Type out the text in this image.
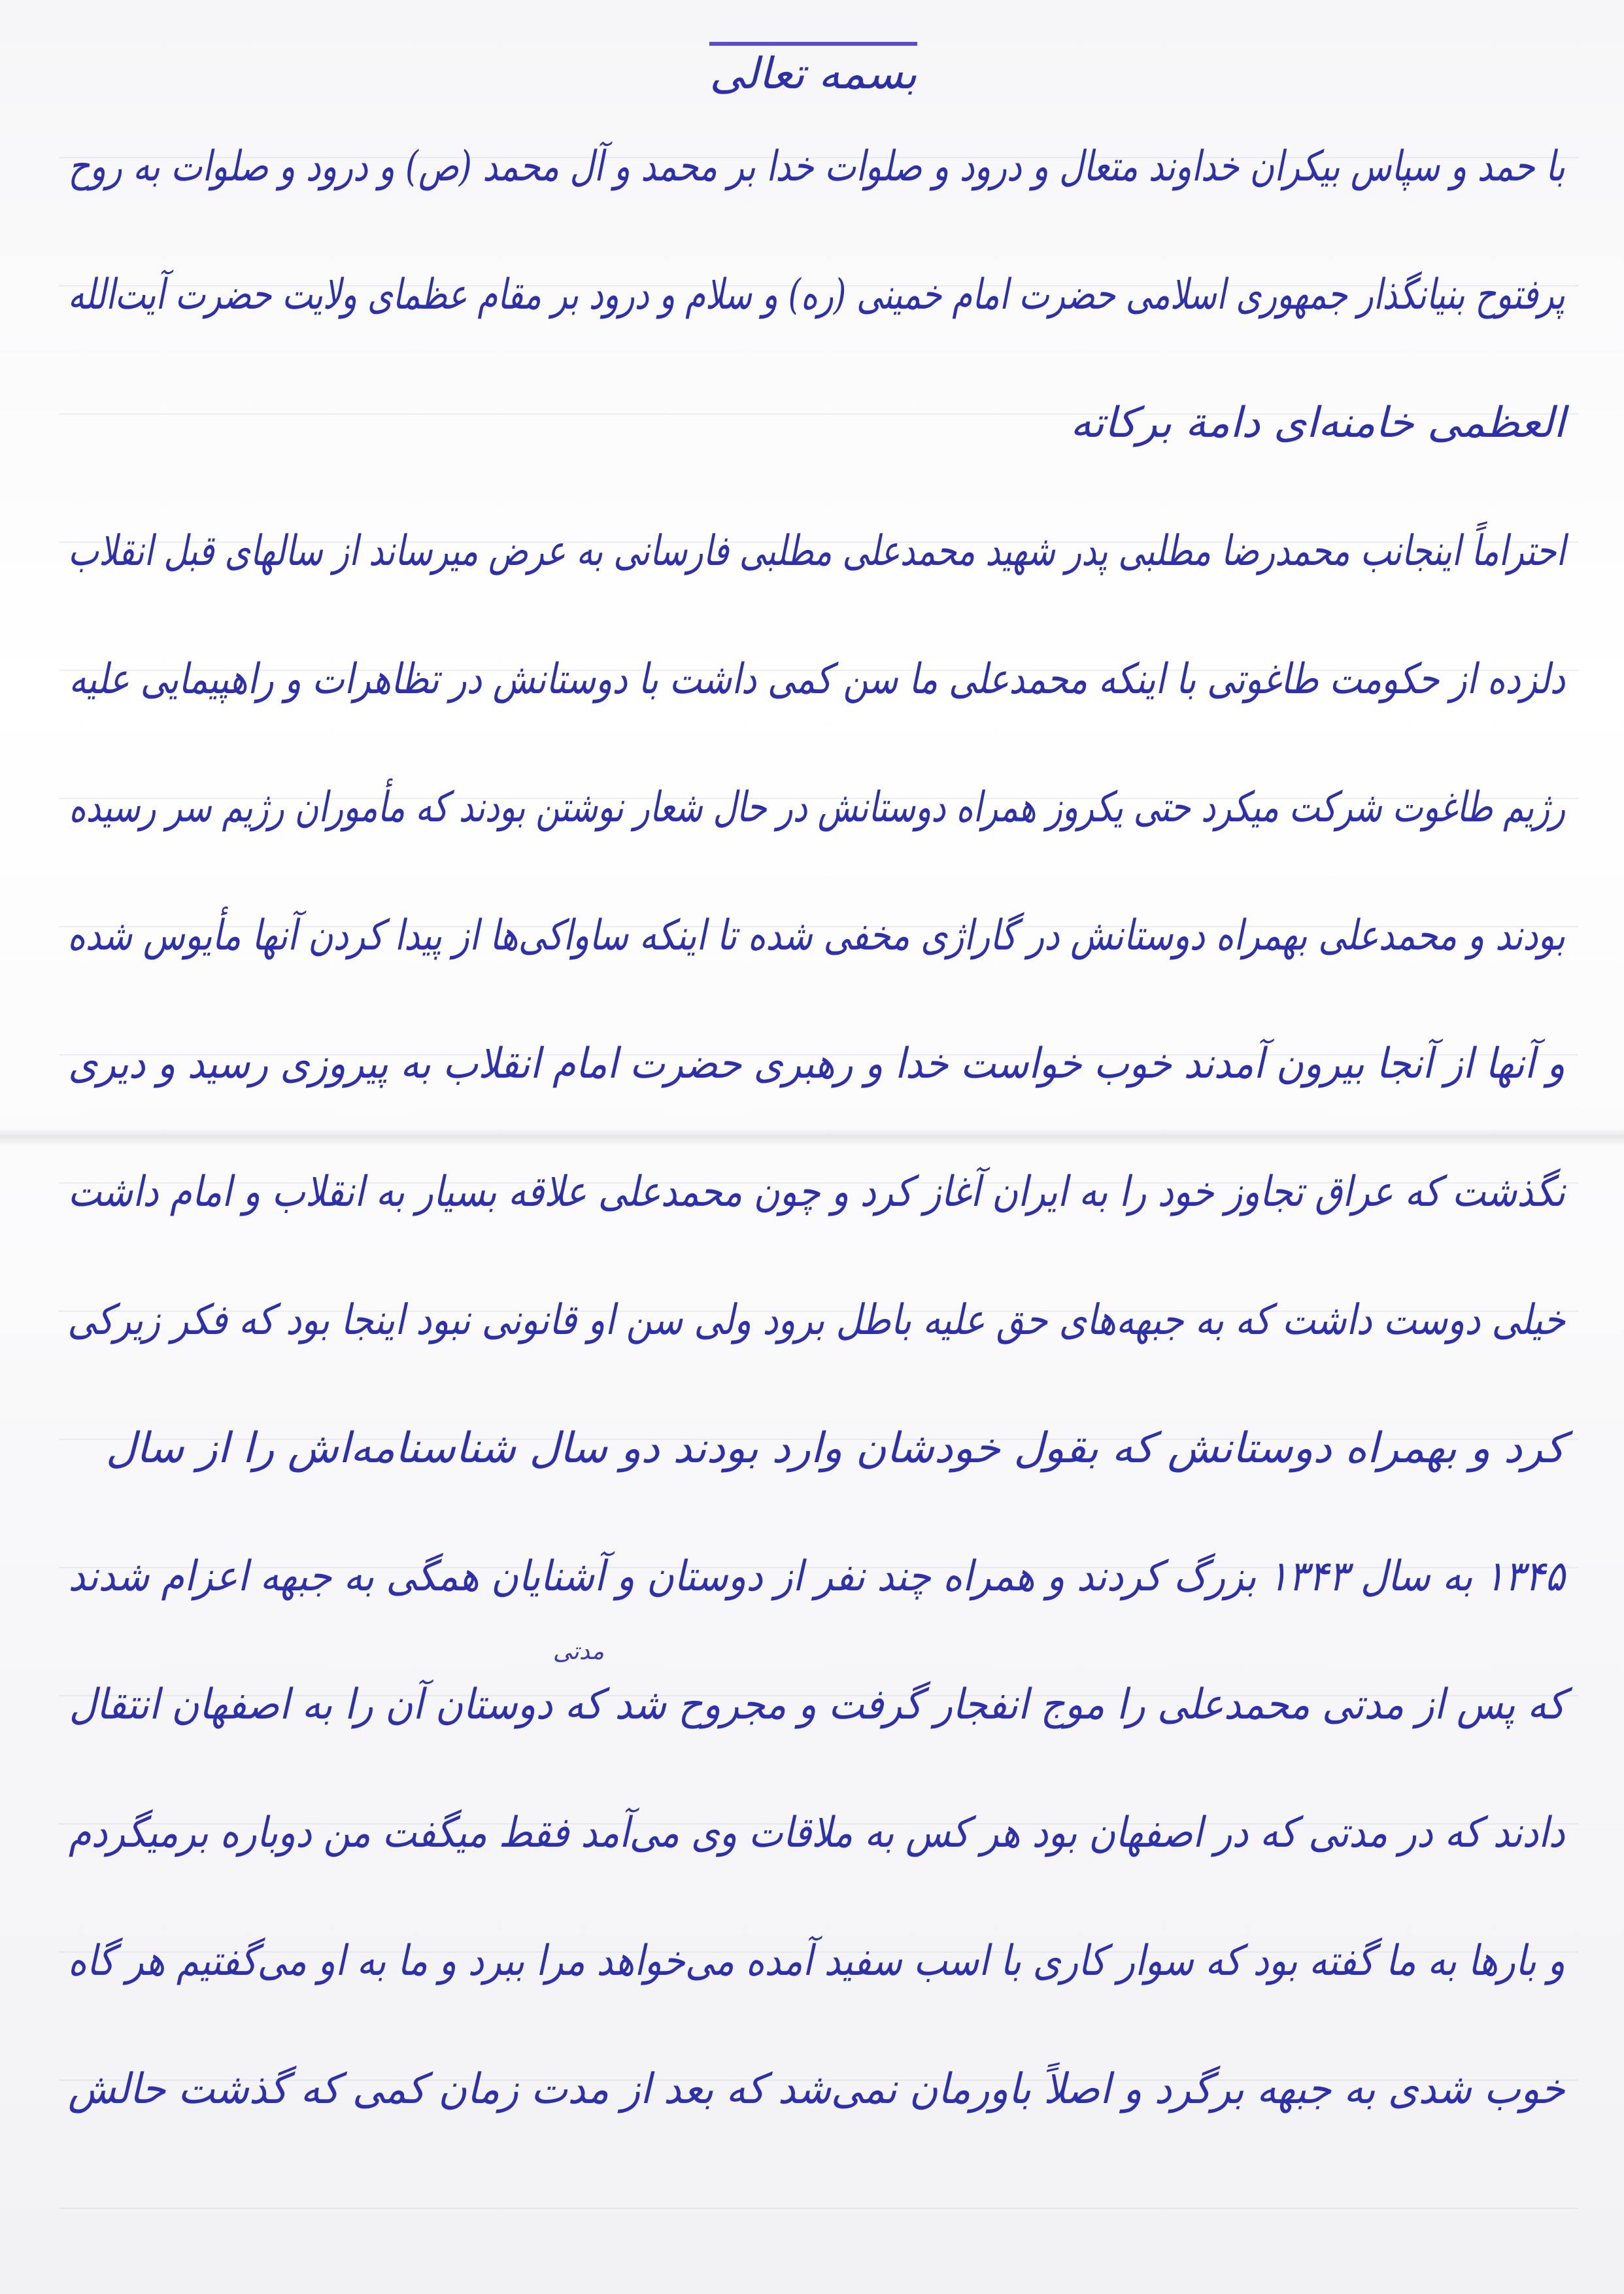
بسمه تعالی
با حمد و سپاس بیکران خداوند متعال و درود و صلوات خدا بر محمد و آل محمد (ص) و درود و صلوات به روح
پرفتوح بنیانگذار جمهوری اسلامی حضرت امام خمینی (ره) و سلام و درود بر مقام عظمای ولایت حضرت آیت‌الله
العظمی خامنه‌ای دامة برکاته
احتراماً اینجانب محمدرضا مطلبی پدر شهید محمدعلی مطلبی فارسانی به عرض میرساند از سالهای قبل انقلاب
دلزده از حکومت طاغوتی با اینکه محمدعلی ما سن کمی داشت با دوستانش در تظاهرات و راهپیمایی علیه
رژیم طاغوت شرکت میکرد حتی یکروز همراه دوستانش در حال شعار نوشتن بودند که مأموران رژیم سر رسیده
بودند و محمدعلی بهمراه دوستانش در گاراژی مخفی شده تا اینکه ساواکی‌ها از پیدا کردن آنها مأیوس شده
و آنها از آنجا بیرون آمدند خوب خواست خدا و رهبری حضرت امام انقلاب به پیروزی رسید و دیری
نگذشت که عراق تجاوز خود را به ایران آغاز کرد و چون محمدعلی علاقه بسیار به انقلاب و امام داشت
خیلی دوست داشت که به جبهه‌های حق علیه باطل برود ولی سن او قانونی نبود اینجا بود که فکر زیرکی
کرد و بهمراه دوستانش که بقول خودشان وارد بودند دو سال شناسنامه‌اش را از سال
۱۳۴۵ به سال ۱۳۴۳ بزرگ کردند و همراه چند نفر از دوستان و آشنایان همگی به جبهه اعزام شدند
که پس از مدتی محمدعلی را موج انفجار گرفت و مجروح شد که دوستان آن را به اصفهان انتقال
دادند که در مدتی که در اصفهان بود هر کس به ملاقات وی می‌آمد فقط میگفت من دوباره برمیگردم
و بارها به ما گفته بود که سوار کاری با اسب سفید آمده می‌خواهد مرا ببرد و ما به او می‌گفتیم هر گاه
خوب شدی به جبهه برگرد و اصلاً باورمان نمی‌شد که بعد از مدت زمان کمی که گذشت حالش
مدتی
